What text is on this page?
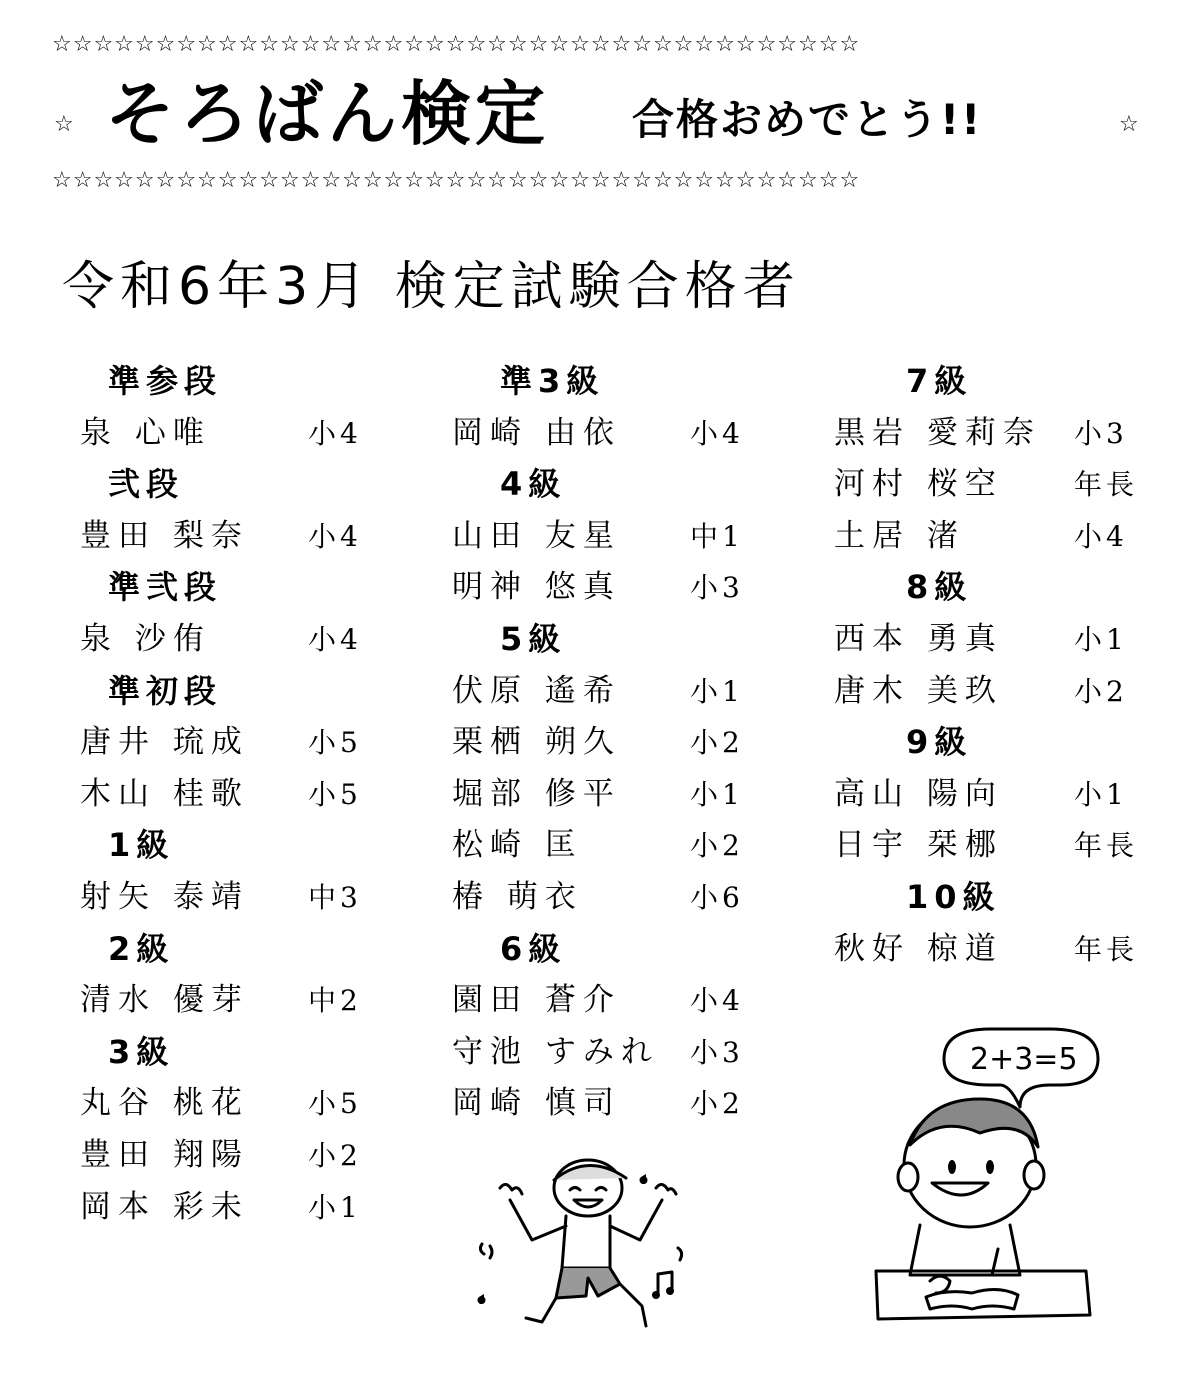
☆☆☆☆☆☆☆☆☆☆☆☆☆☆☆☆☆☆☆☆☆☆☆☆☆☆☆☆☆☆☆☆☆☆☆☆☆☆☆
☆ そろばん検定 合格おめでとう!!	☆
☆☆☆☆☆☆☆☆☆☆☆☆☆☆☆☆☆☆☆☆☆☆☆☆☆☆☆☆☆☆☆☆☆☆☆☆☆☆☆
令和6年3月 検定試験合格者
準参段
泉 心唯	小4
弐段
豊田 梨奈 小4
準弐段
泉 沙侑	小4
準初段
唐井 琉成 小5
木山 桂歌 小5
1級
射矢 泰靖 中3
2級
清水 優芽 中2
3級
丸谷 桃花 小5
豊田 翔陽 小2
岡本 彩未 小1
準3級
岡崎 由依 小4
4級
山田 友星 中1
明神 悠真 小3
5級
伏原 遙希 小1
栗栖 朔久 小2
堀部 修平 小1
松崎 匡	小2
椿 萌衣	小6
6級
園田 蒼介 小4
守池 すみれ 小3
岡崎 慎司 小2
7級
黒岩 愛莉奈 小3
河村 桜空	年長
土居 渚	小4
8級
西本 勇真	小1
唐木 美玖	小2
9級
高山 陽向	小1
日宇 栞梛	年長
10級
秋好 椋道	年長
2+3=5
